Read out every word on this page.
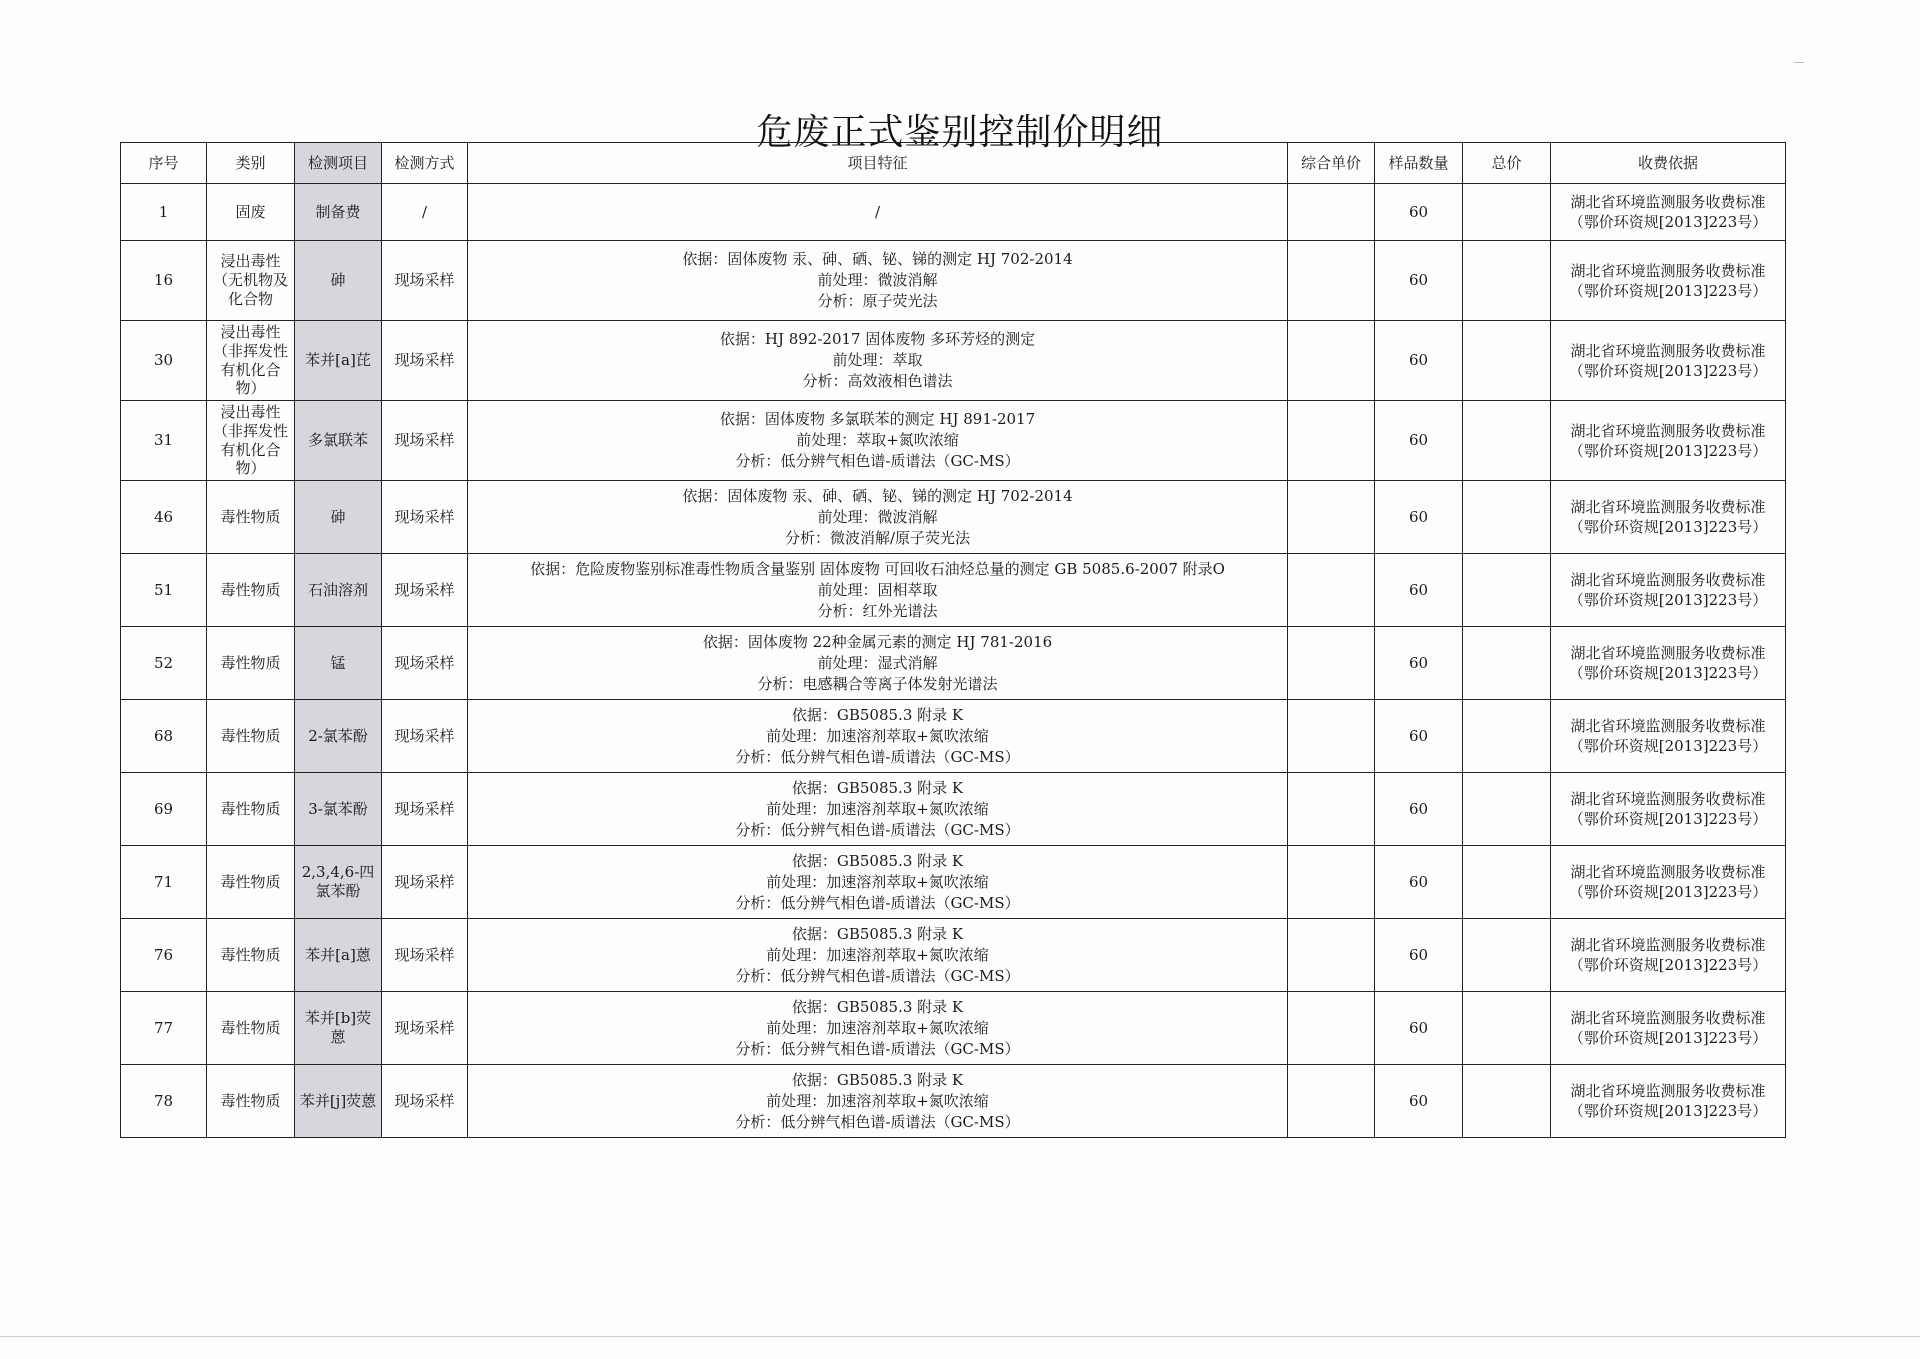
危废正式鉴别控制价明细
序号	类别	检测项目	检测方式	项目特征	综合单价	样品数量	总价	收费依据
1	固废	制备费	/	/		60		湖北省环境监测服务收费标准
（鄂价环资规[2013]223号）

16	浸出毒性（无机物及化合物	砷	现场采样	依据：固体废物 汞、砷、硒、铋、锑的测定 HJ 702-2014
前处理：微波消解
分析：原子荧光法		60		湖北省环境监测服务收费标准
（鄂价环资规[2013]223号）

30	浸出毒性（非挥发性有机化合物）	苯并[a]芘	现场采样	依据：HJ 892-2017 固体废物 多环芳烃的测定
前处理：萃取
分析：高效液相色谱法		60		湖北省环境监测服务收费标准
（鄂价环资规[2013]223号）

31	浸出毒性（非挥发性有机化合物）	多氯联苯	现场采样	依据：固体废物 多氯联苯的测定 HJ 891-2017
前处理：萃取+氮吹浓缩
分析：低分辨气相色谱-质谱法（GC-MS）		60		湖北省环境监测服务收费标准
（鄂价环资规[2013]223号）

46	毒性物质	砷	现场采样	依据：固体废物 汞、砷、硒、铋、锑的测定 HJ 702-2014
前处理：微波消解
分析：微波消解/原子荧光法		60		湖北省环境监测服务收费标准
（鄂价环资规[2013]223号）

51	毒性物质	石油溶剂	现场采样	依据：危险废物鉴别标准毒性物质含量鉴别 固体废物 可回收石油烃总量的测定 GB 5085.6-2007 附录O
前处理：固相萃取
分析：红外光谱法		60		湖北省环境监测服务收费标准
（鄂价环资规[2013]223号）

52	毒性物质	锰	现场采样	依据：固体废物 22种金属元素的测定 HJ 781-2016
前处理：湿式消解
分析：电感耦合等离子体发射光谱法		60		湖北省环境监测服务收费标准
（鄂价环资规[2013]223号）

68	毒性物质	2-氯苯酚	现场采样	依据：GB5085.3 附录 K
前处理：加速溶剂萃取+氮吹浓缩
分析：低分辨气相色谱-质谱法（GC-MS）		60		湖北省环境监测服务收费标准
（鄂价环资规[2013]223号）

69	毒性物质	3-氯苯酚	现场采样	依据：GB5085.3 附录 K
前处理：加速溶剂萃取+氮吹浓缩
分析：低分辨气相色谱-质谱法（GC-MS）		60		湖北省环境监测服务收费标准
（鄂价环资规[2013]223号）

71	毒性物质	2,3,4,6-四氯苯酚	现场采样	依据：GB5085.3 附录 K
前处理：加速溶剂萃取+氮吹浓缩
分析：低分辨气相色谱-质谱法（GC-MS）		60		湖北省环境监测服务收费标准
（鄂价环资规[2013]223号）

76	毒性物质	苯并[a]蒽	现场采样	依据：GB5085.3 附录 K
前处理：加速溶剂萃取+氮吹浓缩
分析：低分辨气相色谱-质谱法（GC-MS）		60		湖北省环境监测服务收费标准
（鄂价环资规[2013]223号）

77	毒性物质	苯并[b]荧蒽	现场采样	依据：GB5085.3 附录 K
前处理：加速溶剂萃取+氮吹浓缩
分析：低分辨气相色谱-质谱法（GC-MS）		60		湖北省环境监测服务收费标准
（鄂价环资规[2013]223号）

78	毒性物质	苯并[j]荧蒽	现场采样	依据：GB5085.3 附录 K
前处理：加速溶剂萃取+氮吹浓缩
分析：低分辨气相色谱-质谱法（GC-MS）		60		湖北省环境监测服务收费标准
（鄂价环资规[2013]223号）
